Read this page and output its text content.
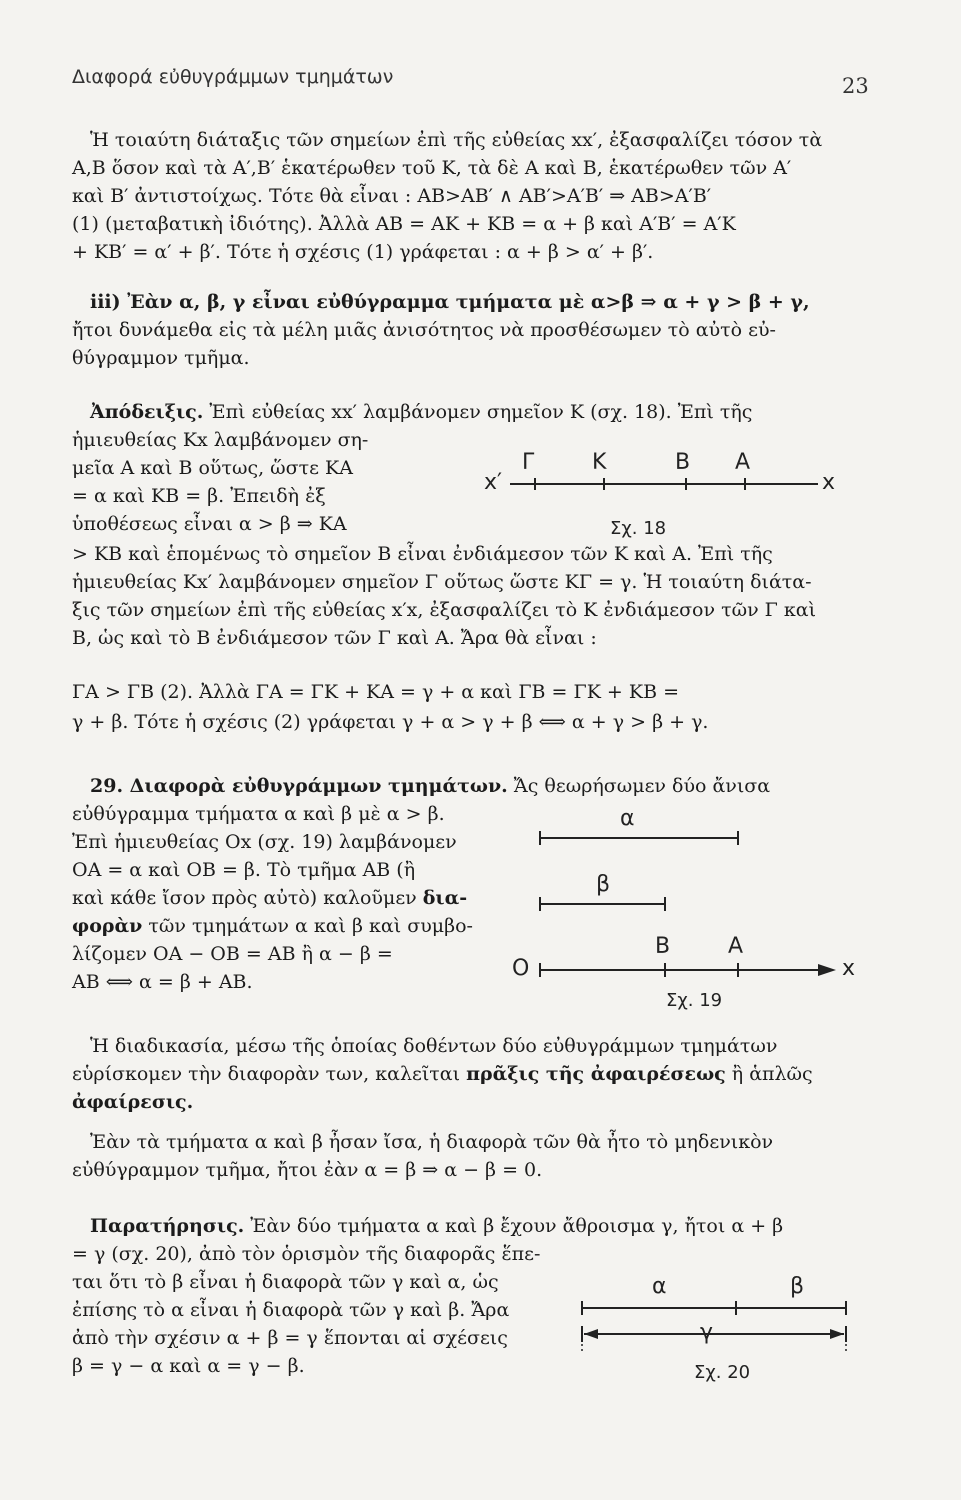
Διαφορά εὐθυγράμμων τμημάτων	23
Ἡ τοιαύτη διάταξις τῶν σημείων ἐπὶ τῆς εὐθείας xx′, ἐξασφαλίζει τόσον τὰ
Α,Β ὅσον καὶ τὰ Α′,Β′ ἑκατέρωθεν τοῦ Κ, τὰ δὲ Α καὶ Β, ἑκατέρωθεν τῶν Α′
καὶ Β′ ἀντιστοίχως. Τότε θὰ εἶναι : ΑΒ>ΑΒ′ ∧ ΑΒ′>Α′Β′ ⇒ ΑΒ>Α′Β′
(1) (μεταβατικὴ ἰδιότης). Ἀλλὰ ΑΒ = ΑΚ + ΚΒ = α + β καὶ Α′Β′ = Α′Κ
+ ΚΒ′ = α′ + β′. Τότε ἡ σχέσις (1) γράφεται : α + β > α′ + β′.
iii) Ἐὰν α, β, γ εἶναι εὐθύγραμμα τμήματα μὲ α>β ⇒ α + γ > β + γ,
ἤτοι δυνάμεθα εἰς τὰ μέλη μιᾶς ἀνισότητος νὰ προσθέσωμεν τὸ αὐτὸ εὐ-
θύγραμμον τμῆμα.
Ἀπόδειξις. Ἐπὶ εὐθείας xx′ λαμβάνομεν σημεῖον Κ (σχ. 18). Ἐπὶ τῆς
ἡμιευθείας Κx λαμβάνομεν ση-
μεῖα Α καὶ Β οὕτως, ὥστε ΚΑ
= α καὶ ΚΒ = β. Ἐπειδὴ ἐξ
ὑποθέσεως εἶναι α > β ⇒ ΚΑ
> ΚΒ καὶ ἑπομένως τὸ σημεῖον Β εἶναι ἐνδιάμεσον τῶν Κ καὶ Α. Ἐπὶ τῆς
ἡμιευθείας Κx′ λαμβάνομεν σημεῖον Γ οὕτως ὥστε ΚΓ = γ. Ἡ τοιαύτη διάτα-
ξις τῶν σημείων ἐπὶ τῆς εὐθείας x′x, ἐξασφαλίζει τὸ Κ ἐνδιάμεσον τῶν Γ καὶ
Β, ὡς καὶ τὸ Β ἐνδιάμεσον τῶν Γ καὶ Α. Ἄρα θὰ εἶναι :
ΓΑ > ΓΒ (2). Ἀλλὰ ΓΑ = ΓΚ + ΚΑ = γ + α καὶ ΓΒ = ΓΚ + ΚΒ =
γ + β. Τότε ἡ σχέσις (2) γράφεται γ + α > γ + β ⟺ α + γ > β + γ.
x′
Γ	Κ	Β Α
x
Σχ. 18
29. Διαφορὰ εὐθυγράμμων τμημάτων. Ἄς θεωρήσωμεν δύο ἄνισα
εὐθύγραμμα τμήματα α καὶ β μὲ α > β.
Ἐπὶ ἡμιευθείας Ox (σχ. 19) λαμβάνομεν
ΟΑ = α καὶ ΟΒ = β. Τὸ τμῆμα ΑΒ (ἢ
καὶ κάθε ἴσον πρὸς αὐτὸ) καλοῦμεν δια-
φορὰν τῶν τμημάτων α καὶ β καὶ συμβο-
λίζομεν ΟΑ − ΟΒ = ΑΒ ἢ α − β =
ΑΒ ⟺ α = β + ΑΒ.
α
β
Ο
Β	Α
x
Σχ. 19
Ἡ διαδικασία, μέσω τῆς ὁποίας δοθέντων δύο εὐθυγράμμων τμημάτων
εὑρίσκομεν τὴν διαφορὰν των, καλεῖται πρᾶξις τῆς ἀφαιρέσεως ἢ ἁπλῶς
ἀφαίρεσις.
Ἐὰν τὰ τμήματα α καὶ β ἦσαν ἴσα, ἡ διαφορὰ τῶν θὰ ἦτο τὸ μηδενικὸν
εὐθύγραμμον τμῆμα, ἤτοι ἐὰν α = β ⇒ α − β = 0.
Παρατήρησις. Ἐὰν δύο τμήματα α καὶ β ἔχουν ἄθροισμα γ, ἤτοι α + β
= γ (σχ. 20), ἀπὸ τὸν ὁρισμὸν τῆς διαφορᾶς ἕπε-
ται ὅτι τὸ β εἶναι ἡ διαφορὰ τῶν γ καὶ α, ὡς
ἐπίσης τὸ α εἶναι ἡ διαφορὰ τῶν γ καὶ β. Ἄρα
ἀπὸ τὴν σχέσιν α + β = γ ἕπονται αἱ σχέσεις
β = γ − α καὶ α = γ − β.
α	β
γ
Σχ. 20
